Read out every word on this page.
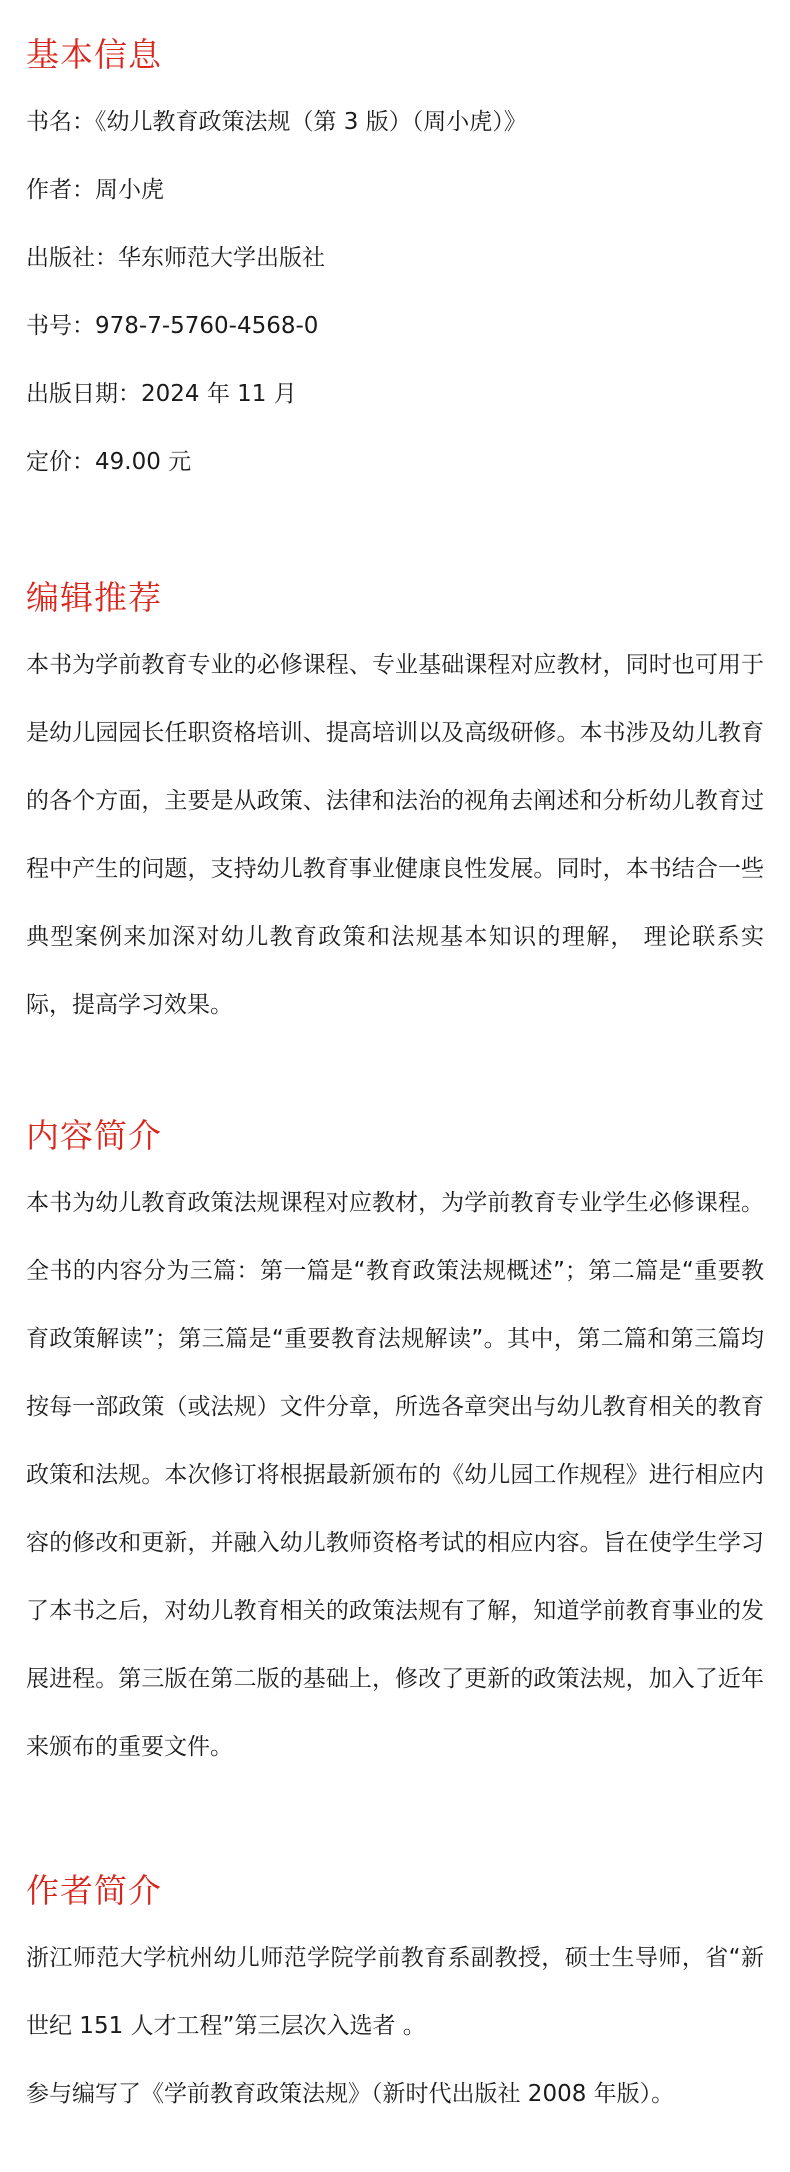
基本信息

书名：《幼儿教育政策法规（第 3 版）（周小虎）》

作者：周小虎

出版社：华东师范大学出版社

书号：978-7-5760-4568-0

出版日期：2024 年 11 月

定价：49.00 元

编辑推荐

本书为学前教育专业的必修课程、专业基础课程对应教材，同时也可用于是幼儿园园长任职资格培训、提高培训以及高级研修。本书涉及幼儿教育的各个方面，主要是从政策、法律和法治的视角去阐述和分析幼儿教育过程中产生的问题，支持幼儿教育事业健康良性发展。同时，本书结合一些典型案例来加深对幼儿教育政策和法规基本知识的理解， 理论联系实际，提高学习效果。

内容简介

本书为幼儿教育政策法规课程对应教材，为学前教育专业学生必修课程。全书的内容分为三篇：第一篇是“教育政策法规概述”；第二篇是“重要教育政策解读”；第三篇是“重要教育法规解读”。其中，第二篇和第三篇均按每一部政策（或法规）文件分章，所选各章突出与幼儿教育相关的教育政策和法规。本次修订将根据最新颁布的《幼儿园工作规程》进行相应内容的修改和更新，并融入幼儿教师资格考试的相应内容。旨在使学生学习了本书之后，对幼儿教育相关的政策法规有了解，知道学前教育事业的发展进程。第三版在第二版的基础上，修改了更新的政策法规，加入了近年来颁布的重要文件。

作者简介

浙江师范大学杭州幼儿师范学院学前教育系副教授，硕士生导师，省“新世纪 151 人才工程”第三层次入选者 。

参与编写了《学前教育政策法规》（新时代出版社 2008 年版）。
